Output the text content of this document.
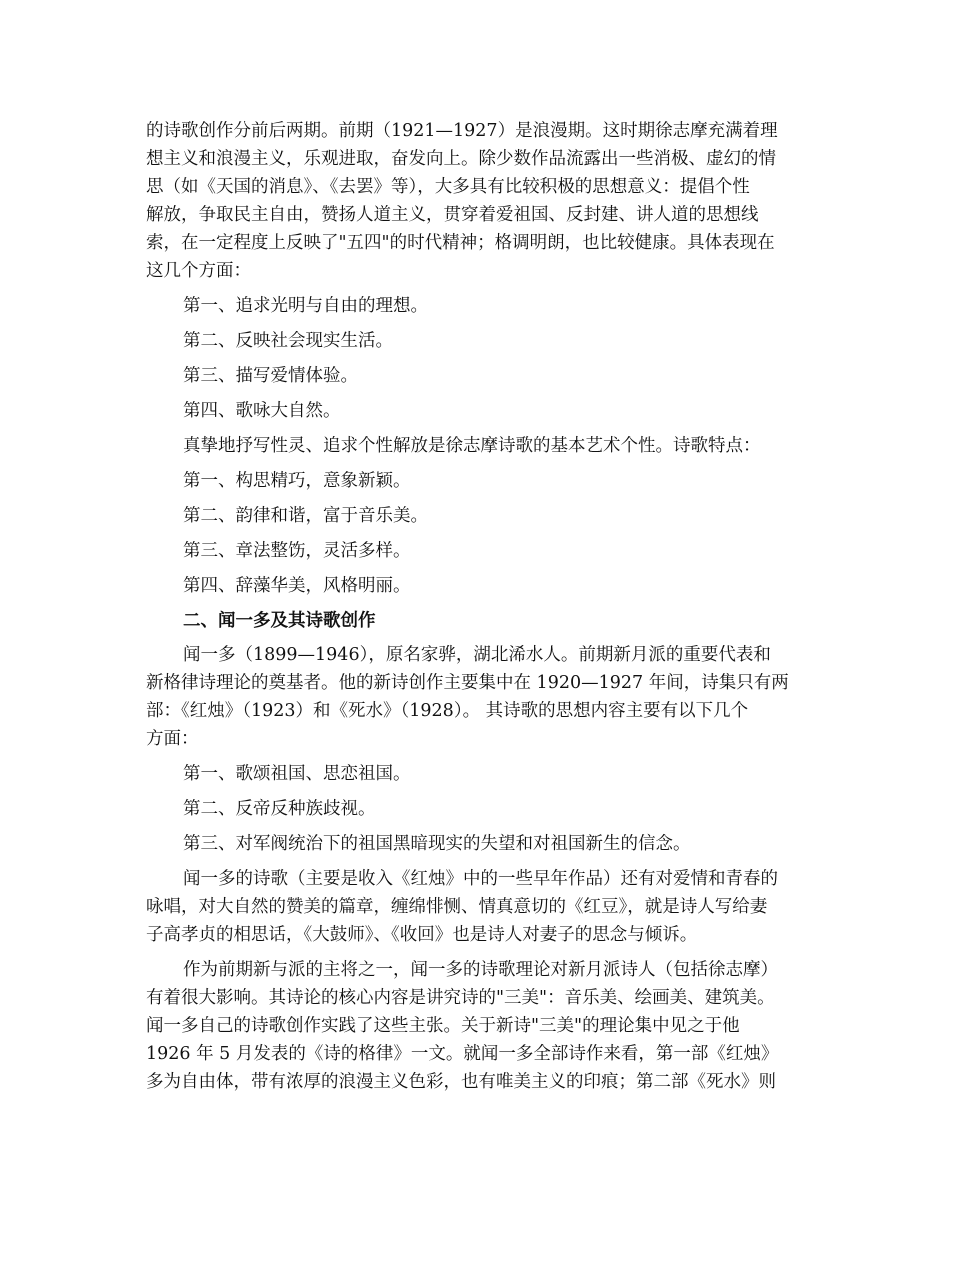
的诗歌创作分前后两期。前期（1921—1927）是浪漫期。这时期徐志摩充满着理
想主义和浪漫主义，乐观进取，奋发向上。除少数作品流露出一些消极、虚幻的情
思（如《天国的消息》、《去罢》等），大多具有比较积极的思想意义：提倡个性
解放，争取民主自由，赞扬人道主义，贯穿着爱祖国、反封建、讲人道的思想线
索，在一定程度上反映了"五四"的时代精神；格调明朗，也比较健康。具体表现在
这几个方面：
第一、追求光明与自由的理想。
第二、反映社会现实生活。
第三、描写爱情体验。
第四、歌咏大自然。
真挚地抒写性灵、追求个性解放是徐志摩诗歌的基本艺术个性。诗歌特点：
第一、构思精巧，意象新颖。
第二、韵律和谐，富于音乐美。
第三、章法整饬，灵活多样。
第四、辞藻华美，风格明丽。
二、闻一多及其诗歌创作
闻一多（1899—1946），原名家骅，湖北浠水人。前期新月派的重要代表和
新格律诗理论的奠基者。他的新诗创作主要集中在 1920—1927 年间，诗集只有两
部：《红烛》（1923）和《死水》（1928）。 其诗歌的思想内容主要有以下几个
方面：
第一、歌颂祖国、思恋祖国。
第二、反帝反种族歧视。
第三、对军阀统治下的祖国黑暗现实的失望和对祖国新生的信念。
闻一多的诗歌（主要是收入《红烛》中的一些早年作品）还有对爱情和青春的
咏唱，对大自然的赞美的篇章，缠绵悱恻、情真意切的《红豆》，就是诗人写给妻
子高孝贞的相思话，《大鼓师》、《收回》也是诗人对妻子的思念与倾诉。
作为前期新与派的主将之一，闻一多的诗歌理论对新月派诗人（包括徐志摩）
有着很大影响。其诗论的核心内容是讲究诗的"三美"：音乐美、绘画美、建筑美。
闻一多自己的诗歌创作实践了这些主张。关于新诗"三美"的理论集中见之于他
1926 年 5 月发表的《诗的格律》一文。就闻一多全部诗作来看，第一部《红烛》
多为自由体，带有浓厚的浪漫主义色彩，也有唯美主义的印痕；第二部《死水》则
